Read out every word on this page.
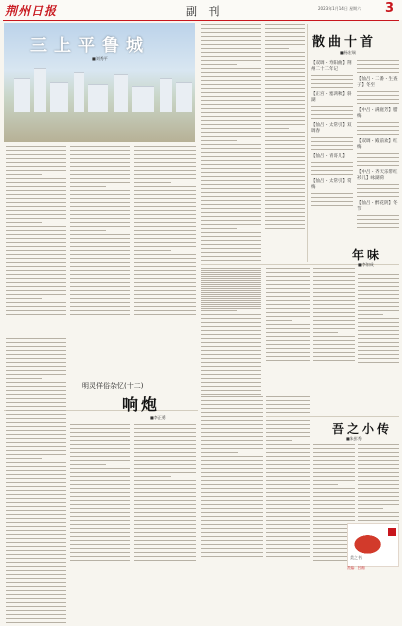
荆州日报	副 刊	2023年1月14日 星期六 3
三上平鲁城
■刘秀平
散曲十首
■杨宏瑞
【双调・寿阳曲】荆州二十二年记
【正宫・塞鸿秋】斜湖
【仙吕・太常引】双调春
【仙吕・青哥儿】
【仙吕・太常引】赏梅
【仙吕・二番・生查子】冬至
【中吕・满庭芳】腊梅
【双调・殿前欢】红梅
【中吕・齐天乐带红衫儿】咏湖荷
【仙吕・醉花阴】冬节
年味
■李如成
明灵佯俗杂忆(十二)
响炮
■李正勇
吾之小传
■朱彭秀
美之书
责编：吕湘
